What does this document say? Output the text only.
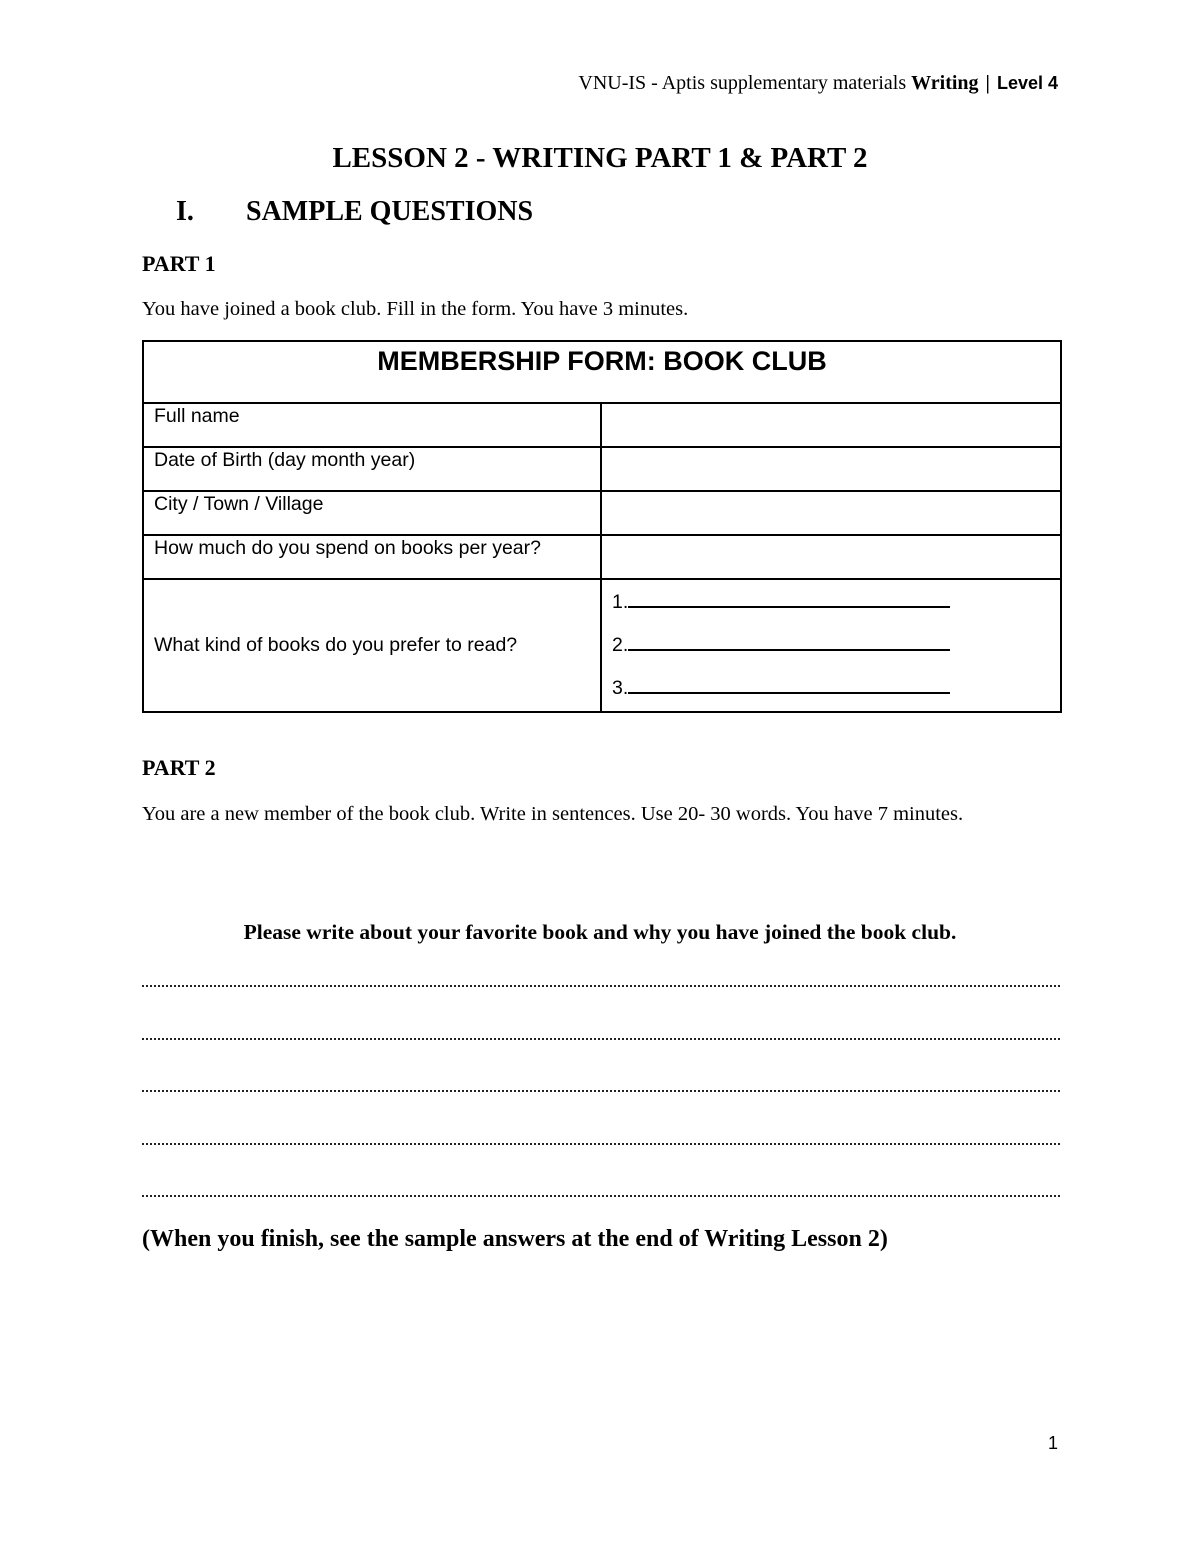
VNU-IS - Aptis supplementary materials Writing | Level 4
LESSON 2 - WRITING PART 1 & PART 2
I. SAMPLE QUESTIONS
PART 1
You have joined a book club. Fill in the form. You have 3 minutes.
MEMBERSHIP FORM: BOOK CLUB	
Full name	
Date of Birth (day month year)	
City / Town / Village	
How much do you spend on books per year?	
What kind of books do you prefer to read?	1.
2.
3.
PART 2
You are a new member of the book club. Write in sentences. Use 20- 30 words. You have 7 minutes.
Please write about your favorite book and why you have joined the book club.
(When you finish, see the sample answers at the end of Writing Lesson 2)
1
